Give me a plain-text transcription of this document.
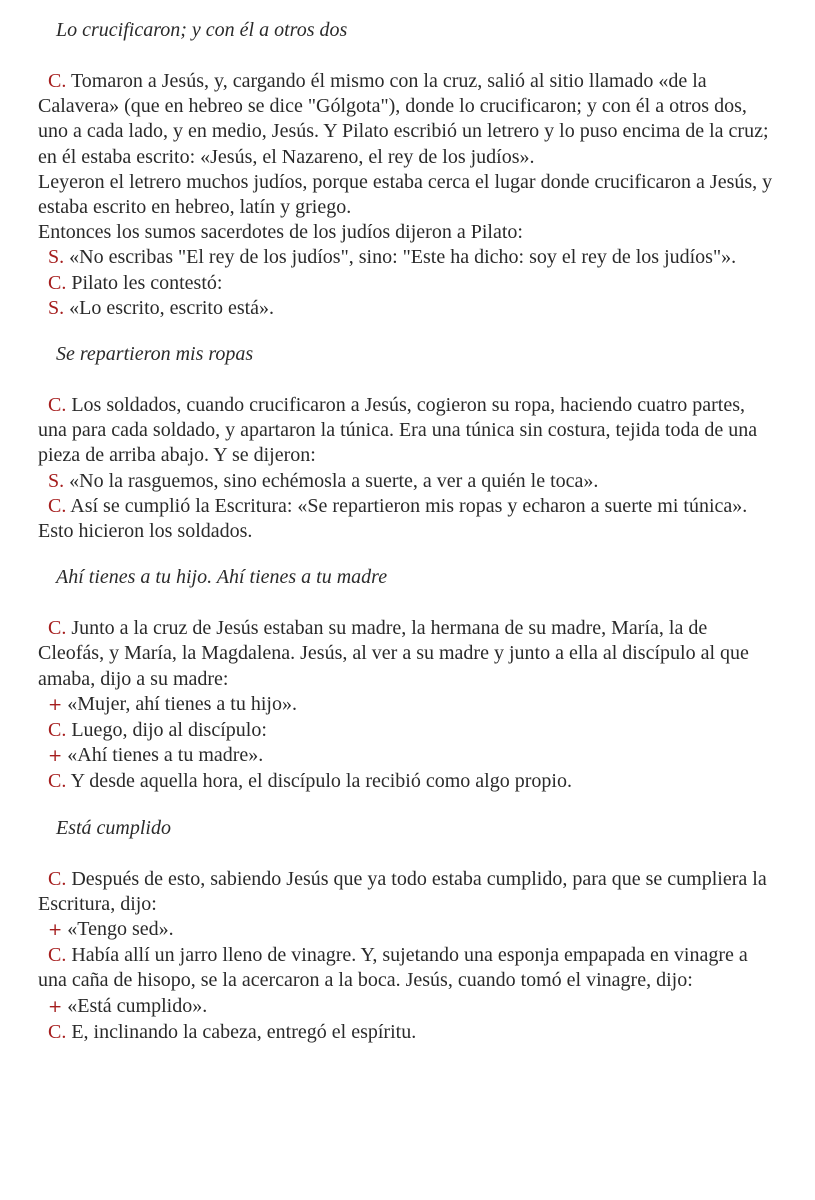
Lo crucificaron; y con él a otros dos

C. Tomaron a Jesús, y, cargando él mismo con la cruz, salió al sitio llamado «de la Calavera» (que en hebreo se dice "Gólgota"), donde lo crucificaron; y con él a otros dos, uno a cada lado, y en medio, Jesús. Y Pilato escribió un letrero y lo puso encima de la cruz; en él estaba escrito: «Jesús, el Nazareno, el rey de los judíos».

Leyeron el letrero muchos judíos, porque estaba cerca el lugar donde crucificaron a Jesús, y estaba escrito en hebreo, latín y griego.

Entonces los sumos sacerdotes de los judíos dijeron a Pilato:

S. «No escribas "El rey de los judíos", sino: "Este ha dicho: soy el rey de los judíos"».

C. Pilato les contestó:

S. «Lo escrito, escrito está».

Se repartieron mis ropas

C. Los soldados, cuando crucificaron a Jesús, cogieron su ropa, haciendo cuatro partes, una para cada soldado, y apartaron la túnica. Era una túnica sin costura, tejida toda de una pieza de arriba abajo. Y se dijeron:

S. «No la rasguemos, sino echémosla a suerte, a ver a quién le toca».

C. Así se cumplió la Escritura: «Se repartieron mis ropas y echaron a suerte mi túnica». Esto hicieron los soldados.

Ahí tienes a tu hijo. Ahí tienes a tu madre

C. Junto a la cruz de Jesús estaban su madre, la hermana de su madre, María, la de Cleofás, y María, la Magdalena. Jesús, al ver a su madre y junto a ella al discípulo al que amaba, dijo a su madre:

+ «Mujer, ahí tienes a tu hijo».

C. Luego, dijo al discípulo:

+ «Ahí tienes a tu madre».

C. Y desde aquella hora, el discípulo la recibió como algo propio.

Está cumplido

C. Después de esto, sabiendo Jesús que ya todo estaba cumplido, para que se cumpliera la Escritura, dijo:

+ «Tengo sed».

C. Había allí un jarro lleno de vinagre. Y, sujetando una esponja empapada en vinagre a una caña de hisopo, se la acercaron a la boca. Jesús, cuando tomó el vinagre, dijo:

+ «Está cumplido».

C. E, inclinando la cabeza, entregó el espíritu.
